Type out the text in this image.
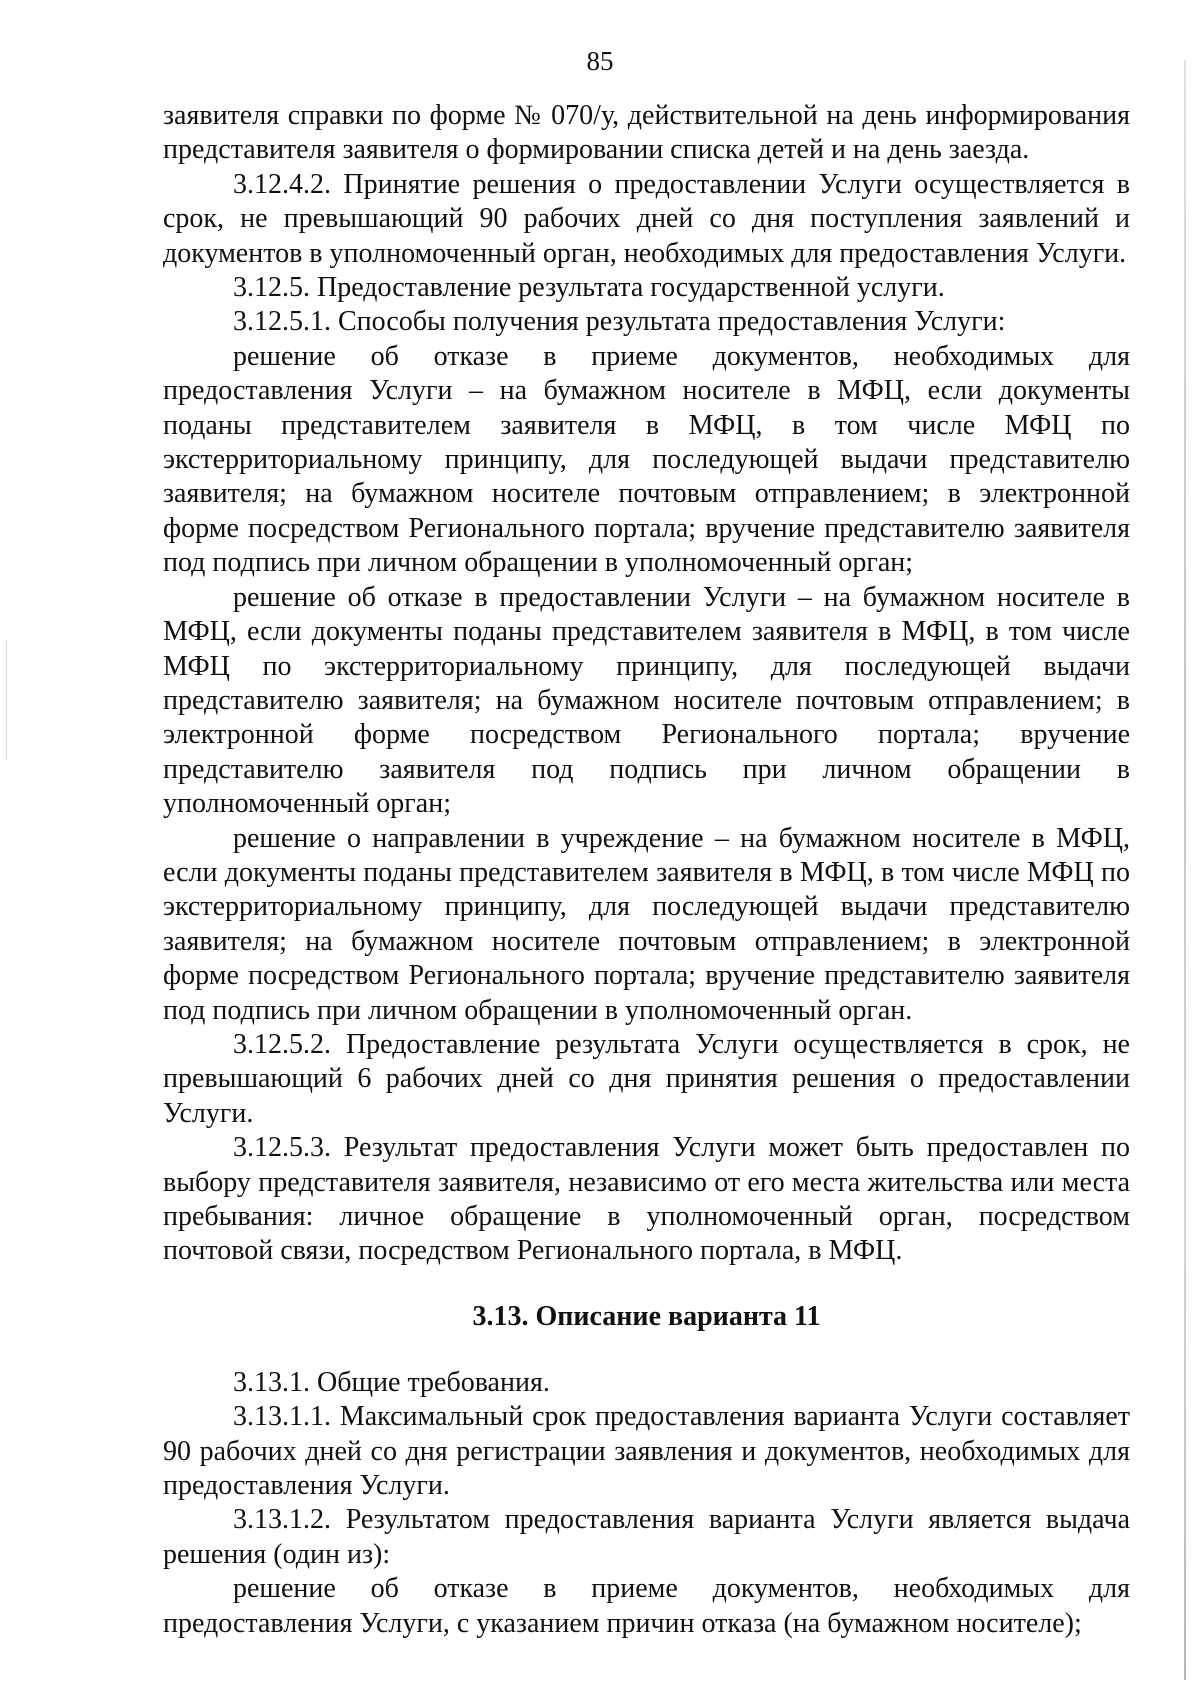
85

заявителя справки по форме № 070/у, действительной на день информирования представителя заявителя о формировании списка детей и на день заезда.

3.12.4.2. Принятие решения о предоставлении Услуги осуществляется в срок, не превышающий 90 рабочих дней со дня поступления заявлений и документов в уполномоченный орган, необходимых для предоставления Услуги.

3.12.5. Предоставление результата государственной услуги.

3.12.5.1. Способы получения результата предоставления Услуги:

решение об отказе в приеме документов, необходимых для предоставления Услуги – на бумажном носителе в МФЦ, если документы поданы представителем заявителя в МФЦ, в том числе МФЦ по экстерриториальному принципу, для последующей выдачи представителю заявителя; на бумажном носителе почтовым отправлением; в электронной форме посредством Регионального портала; вручение представителю заявителя под подпись при личном обращении в уполномоченный орган;

решение об отказе в предоставлении Услуги – на бумажном носителе в МФЦ, если документы поданы представителем заявителя в МФЦ, в том числе МФЦ по экстерриториальному принципу, для последующей выдачи представителю заявителя; на бумажном носителе почтовым отправлением; в электронной форме посредством Регионального портала; вручение представителю заявителя под подпись при личном обращении в уполномоченный орган;

решение о направлении в учреждение – на бумажном носителе в МФЦ, если документы поданы представителем заявителя в МФЦ, в том числе МФЦ по экстерриториальному принципу, для последующей выдачи представителю заявителя; на бумажном носителе почтовым отправлением; в электронной форме посредством Регионального портала; вручение представителю заявителя под подпись при личном обращении в уполномоченный орган.

3.12.5.2. Предоставление результата Услуги осуществляется в срок, не превышающий 6 рабочих дней со дня принятия решения о предоставлении Услуги.

3.12.5.3. Результат предоставления Услуги может быть предоставлен по выбору представителя заявителя, независимо от его места жительства или места пребывания: личное обращение в уполномоченный орган, посредством почтовой связи, посредством Регионального портала, в МФЦ.

3.13. Описание варианта 11

3.13.1. Общие требования.

3.13.1.1. Максимальный срок предоставления варианта Услуги составляет 90 рабочих дней со дня регистрации заявления и документов, необходимых для предоставления Услуги.

3.13.1.2. Результатом предоставления варианта Услуги является выдача решения (один из):

решение об отказе в приеме документов, необходимых для предоставления Услуги, с указанием причин отказа (на бумажном носителе);
